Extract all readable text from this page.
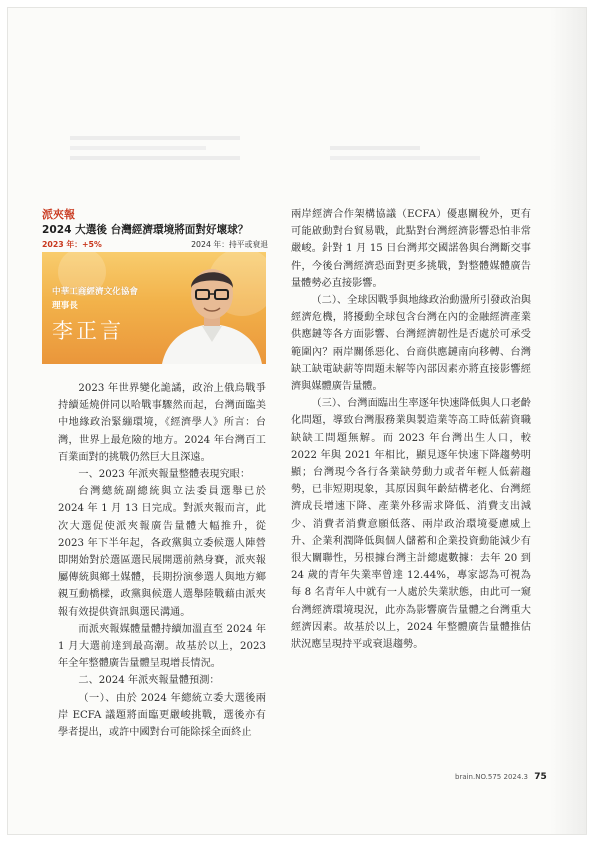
派夾報
2024 大選後 台灣經濟環境將面對好壞球？
2023 年：+5%	2024 年：持平或衰退
中華工商經濟文化協會
理事長
李正言

2023 年世界變化詭譎，政治上俄烏戰爭持續延燒併同以哈戰事驟然而起，台灣面臨美中地緣政治緊繃環境，《經濟學人》所言：台灣，世界上最危險的地方。2024 年台灣百工百業面對的挑戰仍然巨大且深遠。

一、2023 年派夾報量整體表現究眼：

台灣總統副總統與立法委員選舉已於 2024 年 1 月 13 日完成。對派夾報而言，此次大選促使派夾報廣告量體大幅推升，從 2023 年下半年起，各政黨與立委候選人陣營即開始對於選區選民展開選前熱身賽，派夾報屬傳統與鄉土媒體，長期扮演參選人與地方鄉親互動橋樑，政黨與候選人選舉陸戰藉由派夾報有效提供資訊與選民溝通。

而派夾報媒體量體持續加溫直至 2024 年 1 月大選前達到最高潮。故基於以上，2023 年全年整體廣告量體呈現增長情況。

二、2024 年派夾報量體預測：

（一）、由於 2024 年總統立委大選後兩岸 ECFA 議題將面臨更嚴峻挑戰，選後亦有學者提出，或許中國對台可能除採全面終止

兩岸經濟合作架構協議（ECFA）優惠關稅外，更有可能啟動對台貿易戰，此點對台灣經濟影響恐怕非常嚴峻。針對 1 月 15 日台灣邦交國諾魯與台灣斷交事件，今後台灣經濟恐面對更多挑戰，對整體媒體廣告量體勢必直接影響。

（二）、全球因戰爭與地緣政治動盪所引發政治與經濟危機，將擾動全球包含台灣在內的金融經濟產業供應鏈等各方面影響、台灣經濟韌性是否處於可承受範圍內？兩岸關係惡化、台商供應鏈南向移轉、台灣缺工缺電缺薪等問題未解等內部因素亦將直接影響經濟與媒體廣告量體。

（三）、台灣面臨出生率逐年快速降低與人口老齡化問題，導致台灣服務業與製造業等高工時低薪資職缺缺工問題無解。而 2023 年台灣出生人口，較 2022 年與 2021 年相比，顯見逐年快速下降趨勢明顯；台灣現今各行各業缺勞動力或者年輕人低薪趨勢，已非短期現象，其原因與年齡結構老化、台灣經濟成長增速下降、產業外移需求降低、消費支出減少、消費者消費意願低落、兩岸政治環境憂慮威上升、企業利潤降低與個人儲蓄和企業投資動能減少有很大關聯性，另根據台灣主計總處數據：去年 20 到 24 歲的青年失業率曾達 12.44%，專家認為可視為每 8 名青年人中就有一人處於失業狀態，由此可一窺台灣經濟環境現況，此亦為影響廣告量體之台灣重大經濟因素。故基於以上，2024 年整體廣告量體推估狀況應呈現持平或衰退趨勢。

brain.NO.575 2024.3 75
